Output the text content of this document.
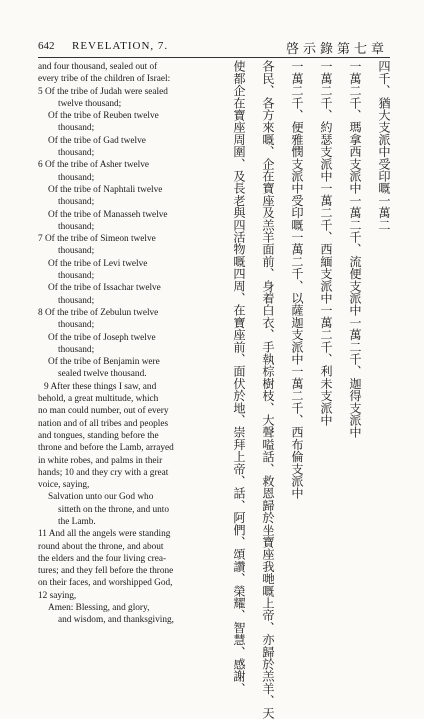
642 REVELATION, 7.	啓示錄第七章
and four thousand, sealed out of
every tribe of the children of Israel:
5 Of the tribe of Judah were sealed
twelve thousand;
Of the tribe of Reuben twelve
thousand;
Of the tribe of Gad twelve
thousand;
6 Of the tribe of Asher twelve
thousand;
Of the tribe of Naphtali twelve
thousand;
Of the tribe of Manasseh twelve
thousand;
7 Of the tribe of Simeon twelve
thousand;
Of the tribe of Levi twelve
thousand;
Of the tribe of Issachar twelve
thousand;
8 Of the tribe of Zebulun twelve
thousand;
Of the tribe of Joseph twelve
thousand;
Of the tribe of Benjamin were
sealed twelve thousand.
9 After these things I saw, and
behold, a great multitude, which
no man could number, out of every
nation and of all tribes and peoples
and tongues, standing before the
throne and before the Lamb, arrayed
in white robes, and palms in their
hands; 10 and they cry with a great
voice, saying,
Salvation unto our God who
sitteth on the throne, and unto
the Lamb.
11 And all the angels were standing
round about the throne, and about
the elders and the four living crea-
tures; and they fell before the throne
on their faces, and worshipped God,
12 saying,
Amen: Blessing, and glory,
and wisdom, and thanksgiving,
四千、猶大支派中受印嘅一萬二
一萬二千、瑪拿西支派中一萬二千、流便支派中一萬二千、迦得支派中
一萬二千、約瑟支派中一萬二千、西緬支派中一萬二千、利未支派中
一萬二千、便雅憫支派中受印嘅一萬二千、以薩迦支派中一萬二千、西布倫支派中
各民、各方來嘅、企在寶座及羔羊面前、身着白衣、手執棕樹枝、大聲嗌話、救恩歸於坐寶座我哋嘅上帝、亦歸於羔羊、天
使都企在寶座周圍、及長老與四活物嘅四周、在寶座前、面伏於地、崇拜上帝、話、阿們、頌讚、榮耀、智慧、感謝、
